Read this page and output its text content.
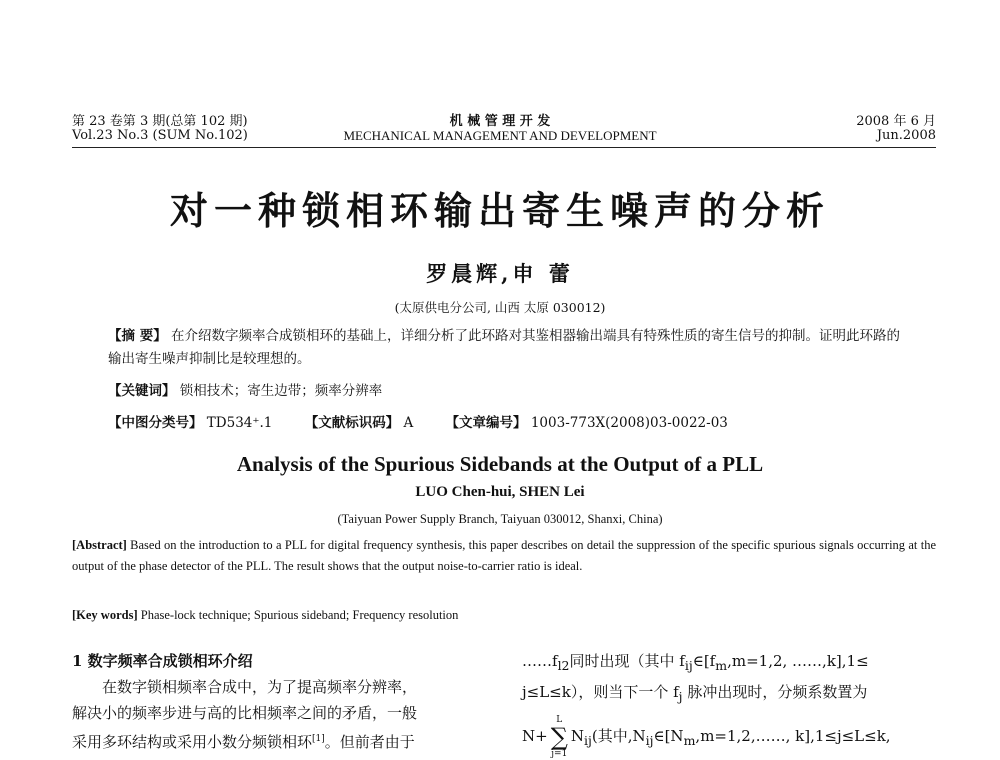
第 23 卷第 3 期(总第 102 期)
Vol.23 No.3 (SUM No.102)
机 械 管 理 开 发
MECHANICAL MANAGEMENT AND DEVELOPMENT
2008 年 6 月
Jun.2008
对一种锁相环输出寄生噪声的分析
罗晨辉,申 蕾
(太原供电分公司, 山西 太原 030012)
【摘 要】 在介绍数字频率合成锁相环的基础上，详细分析了此环路对其鉴相器输出端具有特殊性质的寄生信号的抑制。证明此环路的输出寄生噪声抑制比是较理想的。
【关键词】 锁相技术；寄生边带；频率分辨率
【中图分类号】 TD534⁺.1 【文献标识码】 A 【文章编号】 1003-773X(2008)03-0022-03
Analysis of the Spurious Sidebands at the Output of a PLL
LUO Chen-hui, SHEN Lei
(Taiyuan Power Supply Branch, Taiyuan 030012, Shanxi, China)
[Abstract] Based on the introduction to a PLL for digital frequency synthesis, this paper describes on detail the suppression of the specific spurious signals occurring at the output of the phase detector of the PLL. The result shows that the output noise-to-carrier ratio is ideal.
[Key words] Phase-lock technique; Spurious sideband; Frequency resolution
1 数字频率合成锁相环介绍
在数字锁相频率合成中，为了提高频率分辨率，
解决小的频率步进与高的比相频率之间的矛盾，一般
采用多环结构或采用小数分频锁相环[1]。但前者由于
$\dots\dots f_{l2}$同时出现（其中 $f_{ij}\in[f_m,m=1,2$, ……,k],1≤
j≤L≤k），则当下一个 $f_j$ 脉冲出现时，分频系数置为
N+
L
∑
j=1
$N_{ij}$(其中$,N_{ij}\in[N_m,m=1,2,\dots\dots$, k],1≤j≤L≤k,
